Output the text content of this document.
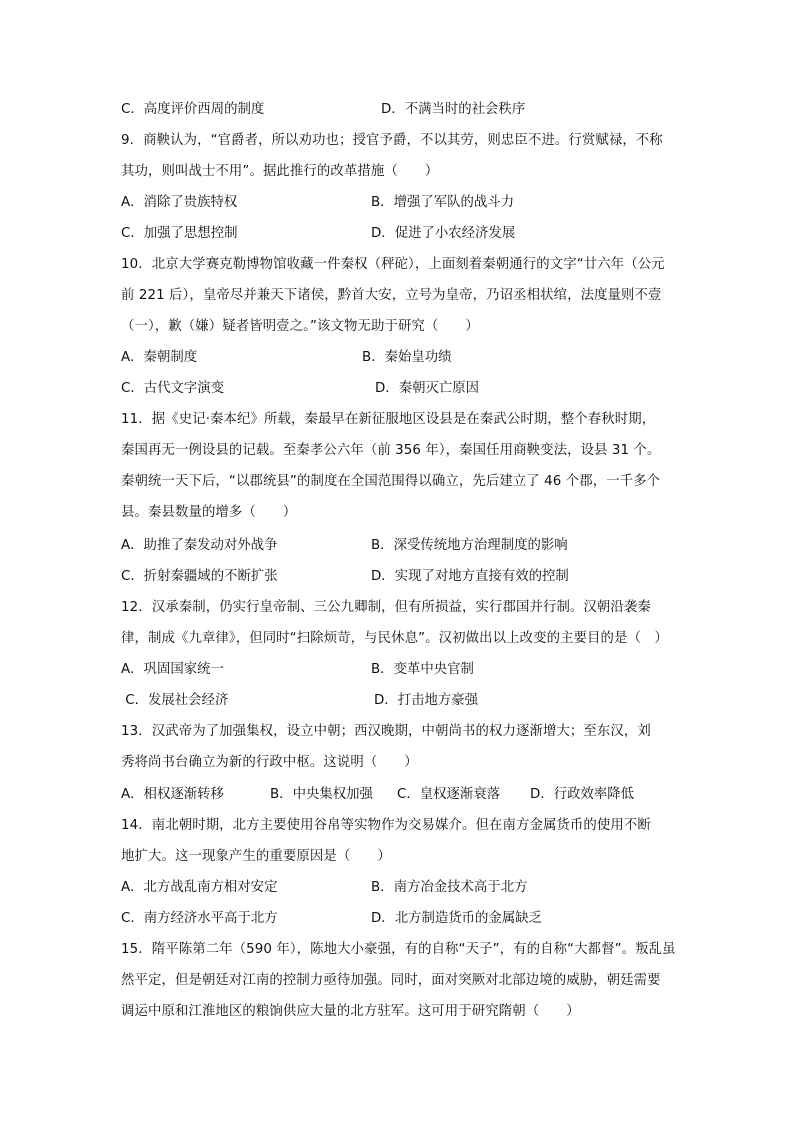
C．高度评价西周的制度	D．不满当时的社会秩序
9．商鞅认为，“官爵者，所以劝功也；授官予爵，不以其劳，则忠臣不进。行赏赋禄，不称
其功，则叫战士不用”。据此推行的改革措施（　　）
A．消除了贵族特权	B．增强了军队的战斗力
C．加强了思想控制	D．促进了小农经济发展
10．北京大学赛克勒博物馆收藏一件秦权（秤砣），上面刻着秦朝通行的文字“廿六年（公元
前 221 后），皇帝尽并兼天下诸侯，黔首大安，立号为皇帝，乃诏丞相状绾，法度量则不壹
（一），歉（嫌）疑者皆明壹之。”该文物无助于研究（　　）
A．秦朝制度	B．秦始皇功绩
C．古代文字演变	D．秦朝灭亡原因
11．据《史记·秦本纪》所载，秦最早在新征服地区设县是在秦武公时期，整个春秋时期，
秦国再无一例设县的记载。至秦孝公六年（前 356 年），秦国任用商鞅变法，设县 31 个。
秦朝统一天下后，“以郡统县”的制度在全国范围得以确立，先后建立了 46 个郡，一千多个
县。秦县数量的增多（　　）
A．助推了秦发动对外战争	B．深受传统地方治理制度的影响
C．折射秦疆域的不断扩张	D．实现了对地方直接有效的控制
12．汉承秦制，仍实行皇帝制、三公九卿制，但有所损益，实行郡国并行制。汉朝沿袭秦
律，制成《九章律》，但同时“扫除烦苛，与民休息”。汉初做出以上改变的主要目的是（　）
A．巩固国家统一	B．变革中央官制
C．发展社会经济	D．打击地方豪强
13．汉武帝为了加强集权，设立中朝；西汉晚期，中朝尚书的权力逐渐增大；至东汉，刘
秀将尚书台确立为新的行政中枢。这说明（　　）
A．相权逐渐转移	B．中央集权加强 C．皇权逐渐衰落 D．行政效率降低
14．南北朝时期，北方主要使用谷帛等实物作为交易媒介。但在南方金属货币的使用不断
地扩大。这一现象产生的重要原因是（　　）
A．北方战乱南方相对安定	B．南方冶金技术高于北方
C．南方经济水平高于北方	D．北方制造货币的金属缺乏
15．隋平陈第二年（590 年），陈地大小豪强，有的自称“天子”，有的自称“大都督”。叛乱虽
然平定，但是朝廷对江南的控制力亟待加强。同时，面对突厥对北部边境的威胁，朝廷需要
调运中原和江淮地区的粮饷供应大量的北方驻军。这可用于研究隋朝（　　）
